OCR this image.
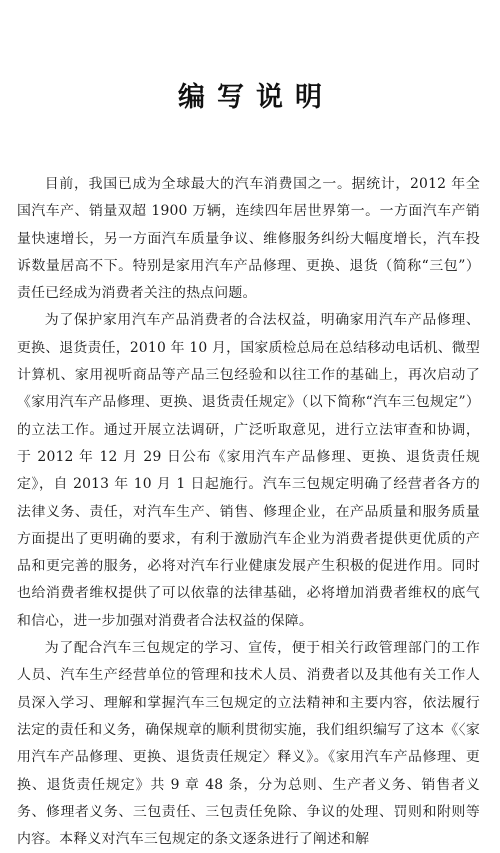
编写说明

目前，我国已成为全球最大的汽车消费国之一。据统计，2012 年全国汽车产、销量双超 1900 万辆，连续四年居世界第一。一方面汽车产销量快速增长，另一方面汽车质量争议、维修服务纠纷大幅度增长，汽车投诉数量居高不下。特别是家用汽车产品修理、更换、退货（简称“三包”）责任已经成为消费者关注的热点问题。

为了保护家用汽车产品消费者的合法权益，明确家用汽车产品修理、更换、退货责任，2010 年 10 月，国家质检总局在总结移动电话机、微型计算机、家用视听商品等产品三包经验和以往工作的基础上，再次启动了《家用汽车产品修理、更换、退货责任规定》（以下简称“汽车三包规定”）的立法工作。通过开展立法调研，广泛听取意见，进行立法审查和协调，于 2012 年 12 月 29 日公布《家用汽车产品修理、更换、退货责任规定》，自 2013 年 10 月 1 日起施行。汽车三包规定明确了经营者各方的法律义务、责任，对汽车生产、销售、修理企业，在产品质量和服务质量方面提出了更明确的要求，有利于激励汽车企业为消费者提供更优质的产品和更完善的服务，必将对汽车行业健康发展产生积极的促进作用。同时也给消费者维权提供了可以依靠的法律基础，必将增加消费者维权的底气和信心，进一步加强对消费者合法权益的保障。

为了配合汽车三包规定的学习、宣传，便于相关行政管理部门的工作人员、汽车生产经营单位的管理和技术人员、消费者以及其他有关工作人员深入学习、理解和掌握汽车三包规定的立法精神和主要内容，依法履行法定的责任和义务，确保规章的顺利贯彻实施，我们组织编写了这本《〈家用汽车产品修理、更换、退货责任规定〉释义》。《家用汽车产品修理、更换、退货责任规定》共 9 章 48 条，分为总则、生产者义务、销售者义务、修理者义务、三包责任、三包责任免除、争议的处理、罚则和附则等内容。本释义对汽车三包规定的条文逐条进行了阐述和解
